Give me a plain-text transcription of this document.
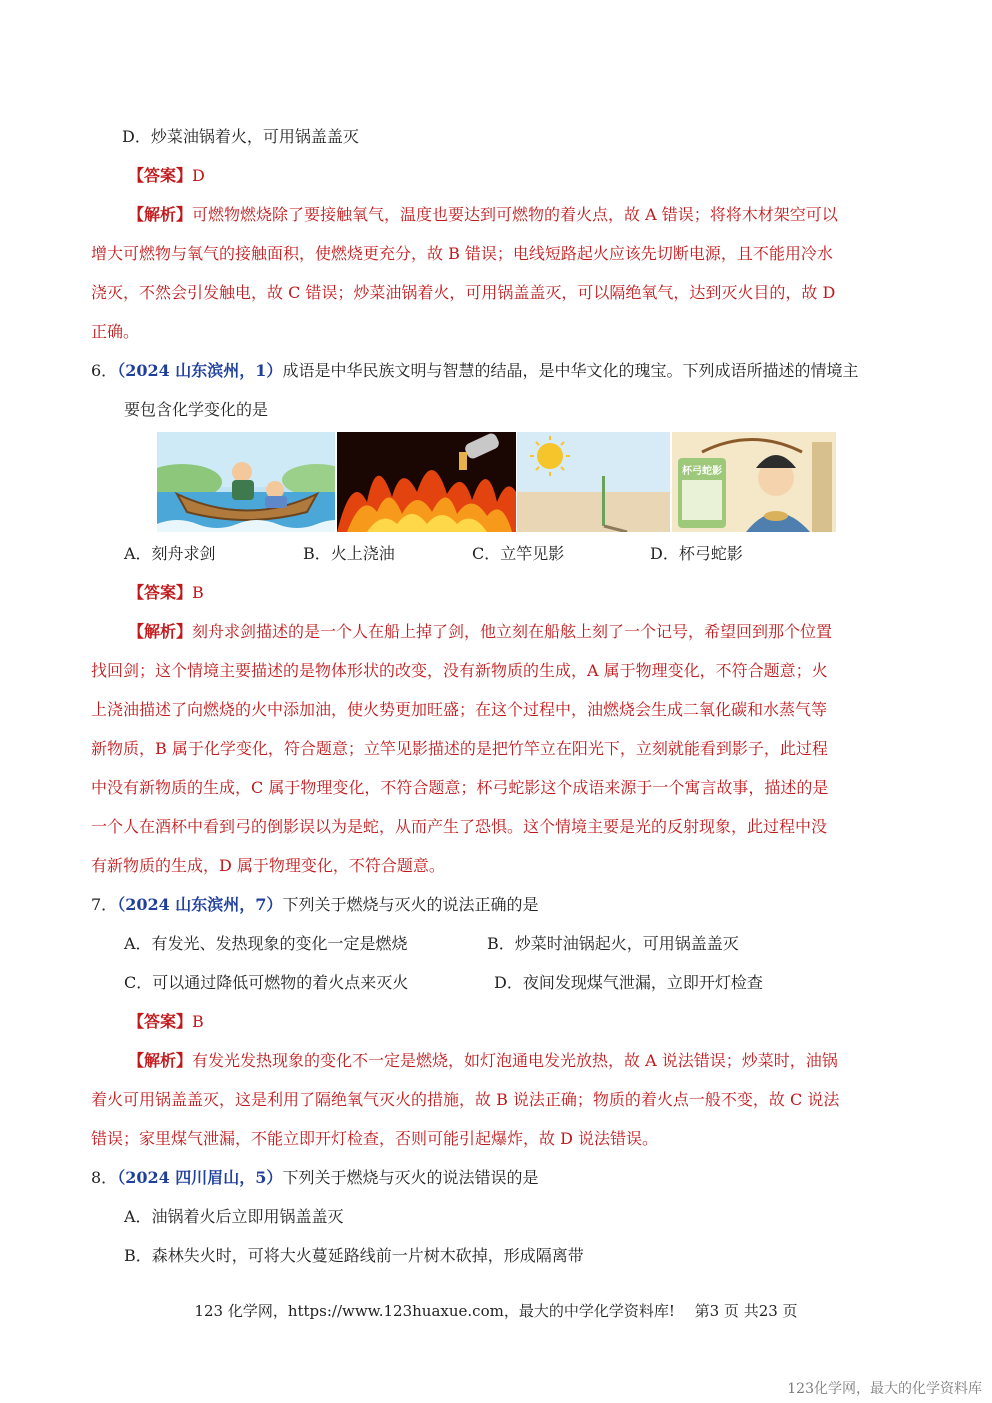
D．炒菜油锅着火，可用锅盖盖灭
【答案】D
【解析】可燃物燃烧除了要接触氧气，温度也要达到可燃物的着火点，故 A 错误；将将木材架空可以
增大可燃物与氧气的接触面积，使燃烧更充分，故 B 错误；电线短路起火应该先切断电源，且不能用冷水
浇灭，不然会引发触电，故 C 错误；炒菜油锅着火，可用锅盖盖灭，可以隔绝氧气，达到灭火目的，故 D
正确。
6．（2024 山东滨州，1）成语是中华民族文明与智慧的结晶，是中华文化的瑰宝。下列成语所描述的情境主
要包含化学变化的是
杯弓蛇影
A．刻舟求剑	B．火上浇油	C．立竿见影	D．杯弓蛇影
【答案】B
【解析】刻舟求剑描述的是一个人在船上掉了剑，他立刻在船舷上刻了一个记号，希望回到那个位置
找回剑；这个情境主要描述的是物体形状的改变，没有新物质的生成，A 属于物理变化，不符合题意；火
上浇油描述了向燃烧的火中添加油，使火势更加旺盛；在这个过程中，油燃烧会生成二氧化碳和水蒸气等
新物质，B 属于化学变化，符合题意；立竿见影描述的是把竹竿立在阳光下，立刻就能看到影子，此过程
中没有新物质的生成，C 属于物理变化，不符合题意；杯弓蛇影这个成语来源于一个寓言故事，描述的是
一个人在酒杯中看到弓的倒影误以为是蛇，从而产生了恐惧。这个情境主要是光的反射现象，此过程中没
有新物质的生成，D 属于物理变化，不符合题意。
7．（2024 山东滨州，7）下列关于燃烧与灭火的说法正确的是
A．有发光、发热现象的变化一定是燃烧	B．炒菜时油锅起火，可用锅盖盖灭
C．可以通过降低可燃物的着火点来灭火	D．夜间发现煤气泄漏，立即开灯检查
【答案】B
【解析】有发光发热现象的变化不一定是燃烧，如灯泡通电发光放热，故 A 说法错误；炒菜时，油锅
着火可用锅盖盖灭，这是利用了隔绝氧气灭火的措施，故 B 说法正确；物质的着火点一般不变，故 C 说法
错误；家里煤气泄漏，不能立即开灯检查，否则可能引起爆炸，故 D 说法错误。
8．（2024 四川眉山，5）下列关于燃烧与灭火的说法错误的是
A．油锅着火后立即用锅盖盖灭
B．森林失火时，可将大火蔓延路线前一片树木砍掉，形成隔离带
123 化学网，https://www.123huaxue.com，最大的中学化学资料库!　 第3 页 共23 页
123化学网，最大的化学资料库
